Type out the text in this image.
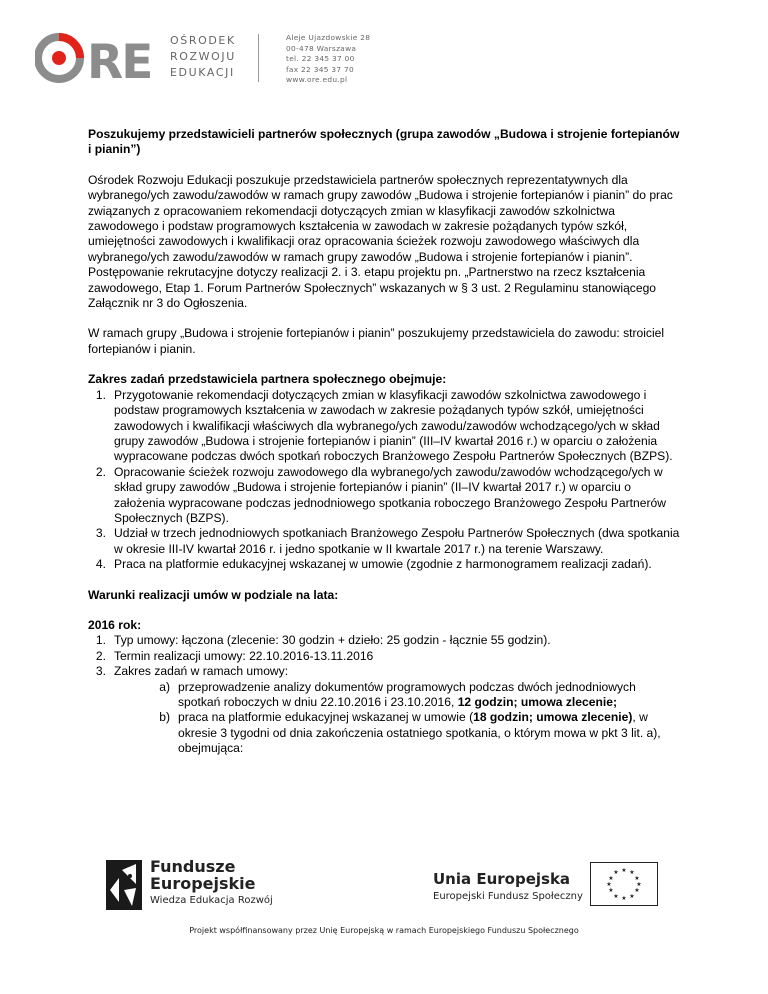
RE OŚRODEK
ROZWOJU
EDUKACJI
Aleje Ujazdowskie 28
00-478 Warszawa
tel. 22 345 37 00
fax 22 345 37 70
www.ore.edu.pl

Poszukujemy przedstawicieli partnerów społecznych (grupa zawodów „Budowa i strojenie fortepianów i pianin”)

Ośrodek Rozwoju Edukacji poszukuje przedstawiciela partnerów społecznych reprezentatywnych dla wybranego/ych zawodu/zawodów w ramach grupy zawodów „Budowa i strojenie fortepianów i pianin” do prac związanych z opracowaniem rekomendacji dotyczących zmian w klasyfikacji zawodów szkolnictwa zawodowego i podstaw programowych kształcenia w zawodach w zakresie pożądanych typów szkół, umiejętności zawodowych i kwalifikacji oraz opracowania ścieżek rozwoju zawodowego właściwych dla wybranego/ych zawodu/zawodów w ramach grupy zawodów „Budowa i strojenie fortepianów i pianin”.

Postępowanie rekrutacyjne dotyczy realizacji 2. i 3. etapu projektu pn. „Partnerstwo na rzecz kształcenia zawodowego, Etap 1. Forum Partnerów Społecznych” wskazanych w § 3 ust. 2 Regulaminu stanowiącego Załącznik nr 3 do Ogłoszenia.

W ramach grupy „Budowa i strojenie fortepianów i pianin” poszukujemy przedstawiciela do zawodu: stroiciel fortepianów i pianin.

Zakres zadań przedstawiciela partnera społecznego obejmuje:

1. Przygotowanie rekomendacji dotyczących zmian w klasyfikacji zawodów szkolnictwa zawodowego i podstaw programowych kształcenia w zawodach w zakresie pożądanych typów szkół, umiejętności zawodowych i kwalifikacji właściwych dla wybranego/ych zawodu/zawodów wchodzącego/ych w skład grupy zawodów „Budowa i strojenie fortepianów i pianin” (III–IV kwartał 2016 r.) w oparciu o założenia wypracowane podczas dwóch spotkań roboczych Branżowego Zespołu Partnerów Społecznych (BZPS).
2. Opracowanie ścieżek rozwoju zawodowego dla wybranego/ych zawodu/zawodów wchodzącego/ych w skład grupy zawodów „Budowa i strojenie fortepianów i pianin” (II–IV kwartał 2017 r.) w oparciu o założenia wypracowane podczas jednodniowego spotkania roboczego Branżowego Zespołu Partnerów Społecznych (BZPS).
3. Udział w trzech jednodniowych spotkaniach Branżowego Zespołu Partnerów Społecznych (dwa spotkania w okresie III-IV kwartał 2016 r. i jedno spotkanie w II kwartale 2017 r.) na terenie Warszawy.
4. Praca na platformie edukacyjnej wskazanej w umowie (zgodnie z harmonogramem realizacji zadań).

Warunki realizacji umów w podziale na lata:

2016 rok:

1. Typ umowy: łączona (zlecenie: 30 godzin + dzieło: 25 godzin - łącznie 55 godzin).
2. Termin realizacji umowy: 22.10.2016-13.11.2016
3. Zakres zadań w ramach umowy:
a) przeprowadzenie analizy dokumentów programowych podczas dwóch jednodniowych spotkań roboczych w dniu 22.10.2016 i 23.10.2016, 12 godzin; umowa zlecenie;
b) praca na platformie edukacyjnej wskazanej w umowie (18 godzin; umowa zlecenie), w okresie 3 tygodni od dnia zakończenia ostatniego spotkania, o którym mowa w pkt 3 lit. a), obejmująca:
Fundusze
Europejskie
Wiedza Edukacja Rozwój
Unia Europejska
Europejski Fundusz Społeczny
★ ★
★
★
★
★
★
★
★
★
★
★
Projekt współfinansowany przez Unię Europejską w ramach Europejskiego Funduszu Społecznego
